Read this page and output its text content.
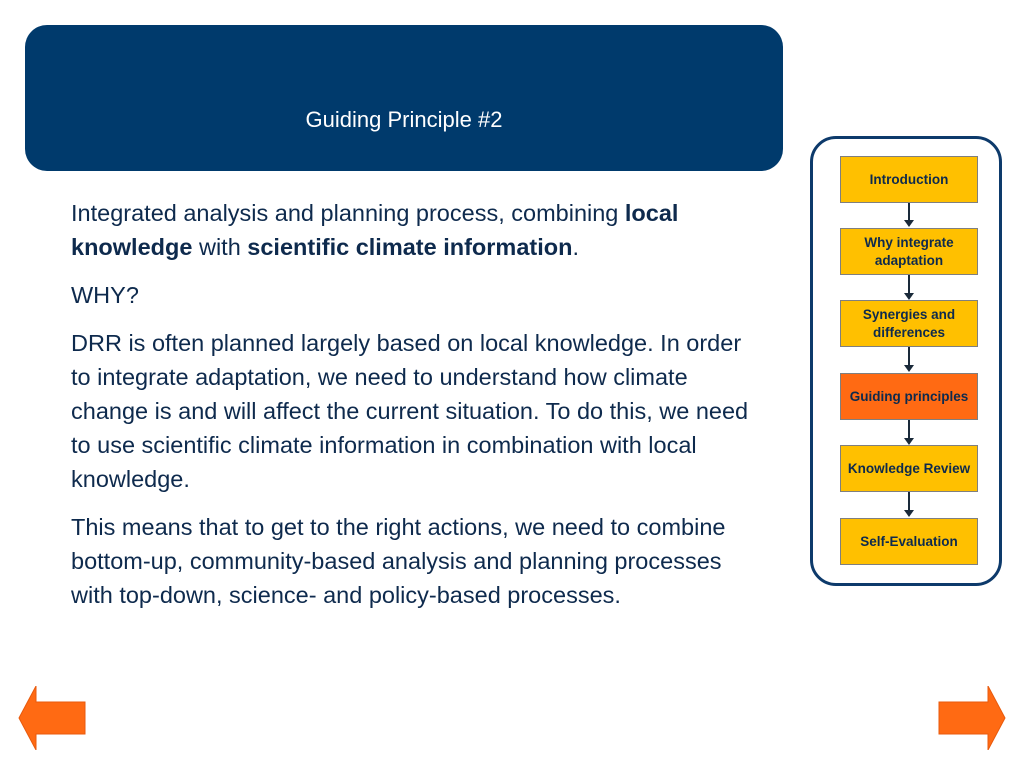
Guiding Principle #2

Integrated analysis and planning process, combining local knowledge with scientific climate information.

WHY?

DRR is often planned largely based on local knowledge. In order to integrate adaptation, we need to understand how climate change is and will affect the current situation. To do this, we need to use scientific climate information in combination with local knowledge.

This means that to get to the right actions, we need to combine bottom-up, community-based analysis and planning processes with top-down, science- and policy-based processes.

Introduction
Why integrate adaptation
Synergies and differences
Guiding principles
Knowledge Review
Self-Evaluation
